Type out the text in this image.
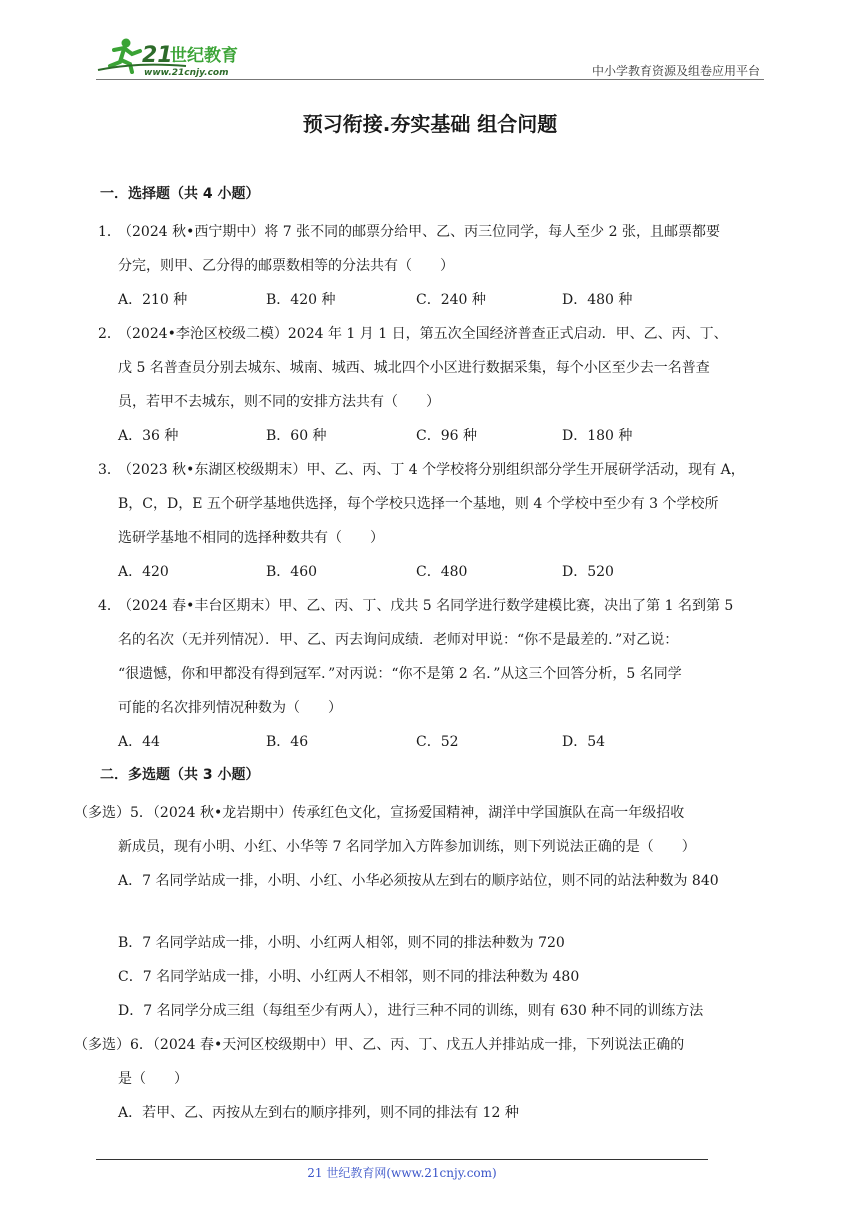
21
世纪教育
www.21cnjy.com	中小学教育资源及组卷应用平台
预习衔接.夯实基础 组合问题
一．选择题（共 4 小题）

1．
（2024 秋•西宁期中）将 7 张不同的邮票分给甲、乙、丙三位同学，每人至少 2 张，且邮票都要

分完，则甲、乙分得的邮票数相等的分法共有（　　）

A．210 种	B．420 种	C．240 种	D．480 种

2．
（2024•李沧区校级二模）2024 年 1 月 1 日，第五次全国经济普查正式启动．甲、乙、丙、丁、

戊 5 名普查员分别去城东、城南、城西、城北四个小区进行数据采集，每个小区至少去一名普查

员，若甲不去城东，则不同的安排方法共有（　　）

A．36 种	B．60 种	C．96 种	D．180 种

3．
（2023 秋•东湖区校级期末）甲、乙、丙、丁 4 个学校将分别组织部分学生开展研学活动，现有 A，

B，C，D，E 五个研学基地供选择，每个学校只选择一个基地，则 4 个学校中至少有 3 个学校所

选研学基地不相同的选择种数共有（　　）

A．420	B．460	C．480	D．520

4．
（2024 春•丰台区期末）甲、乙、丙、丁、戊共 5 名同学进行数学建模比赛，决出了第 1 名到第 5

名的名次（无并列情况）．甲、乙、丙去询问成绩．老师对甲说：“你不是最差的．”对乙说：

“很遗憾，你和甲都没有得到冠军．”对丙说：“你不是第 2 名．”从这三个回答分析，5 名同学

可能的名次排列情况种数为（　　）

A．44	B．46	C．52	D．54
二．多选题（共 3 小题）

（多选）5．（2024 秋•龙岩期中）传承红色文化，宣扬爱国精神，湖洋中学国旗队在高一年级招收

新成员，现有小明、小红、小华等 7 名同学加入方阵参加训练，则下列说法正确的是（　　）

A．7 名同学站成一排，小明、小红、小华必须按从左到右的顺序站位，则不同的站法种数为 840

B．7 名同学站成一排，小明、小红两人相邻，则不同的排法种数为 720

C．7 名同学站成一排，小明、小红两人不相邻，则不同的排法种数为 480

D．7 名同学分成三组（每组至少有两人），进行三种不同的训练，则有 630 种不同的训练方法

（多选）6．（2024 春•天河区校级期中）甲、乙、丙、丁、戊五人并排站成一排，下列说法正确的

是（　　）

A．若甲、乙、丙按从左到右的顺序排列，则不同的排法有 12 种

21 世纪教育网(www.21cnjy.com)
